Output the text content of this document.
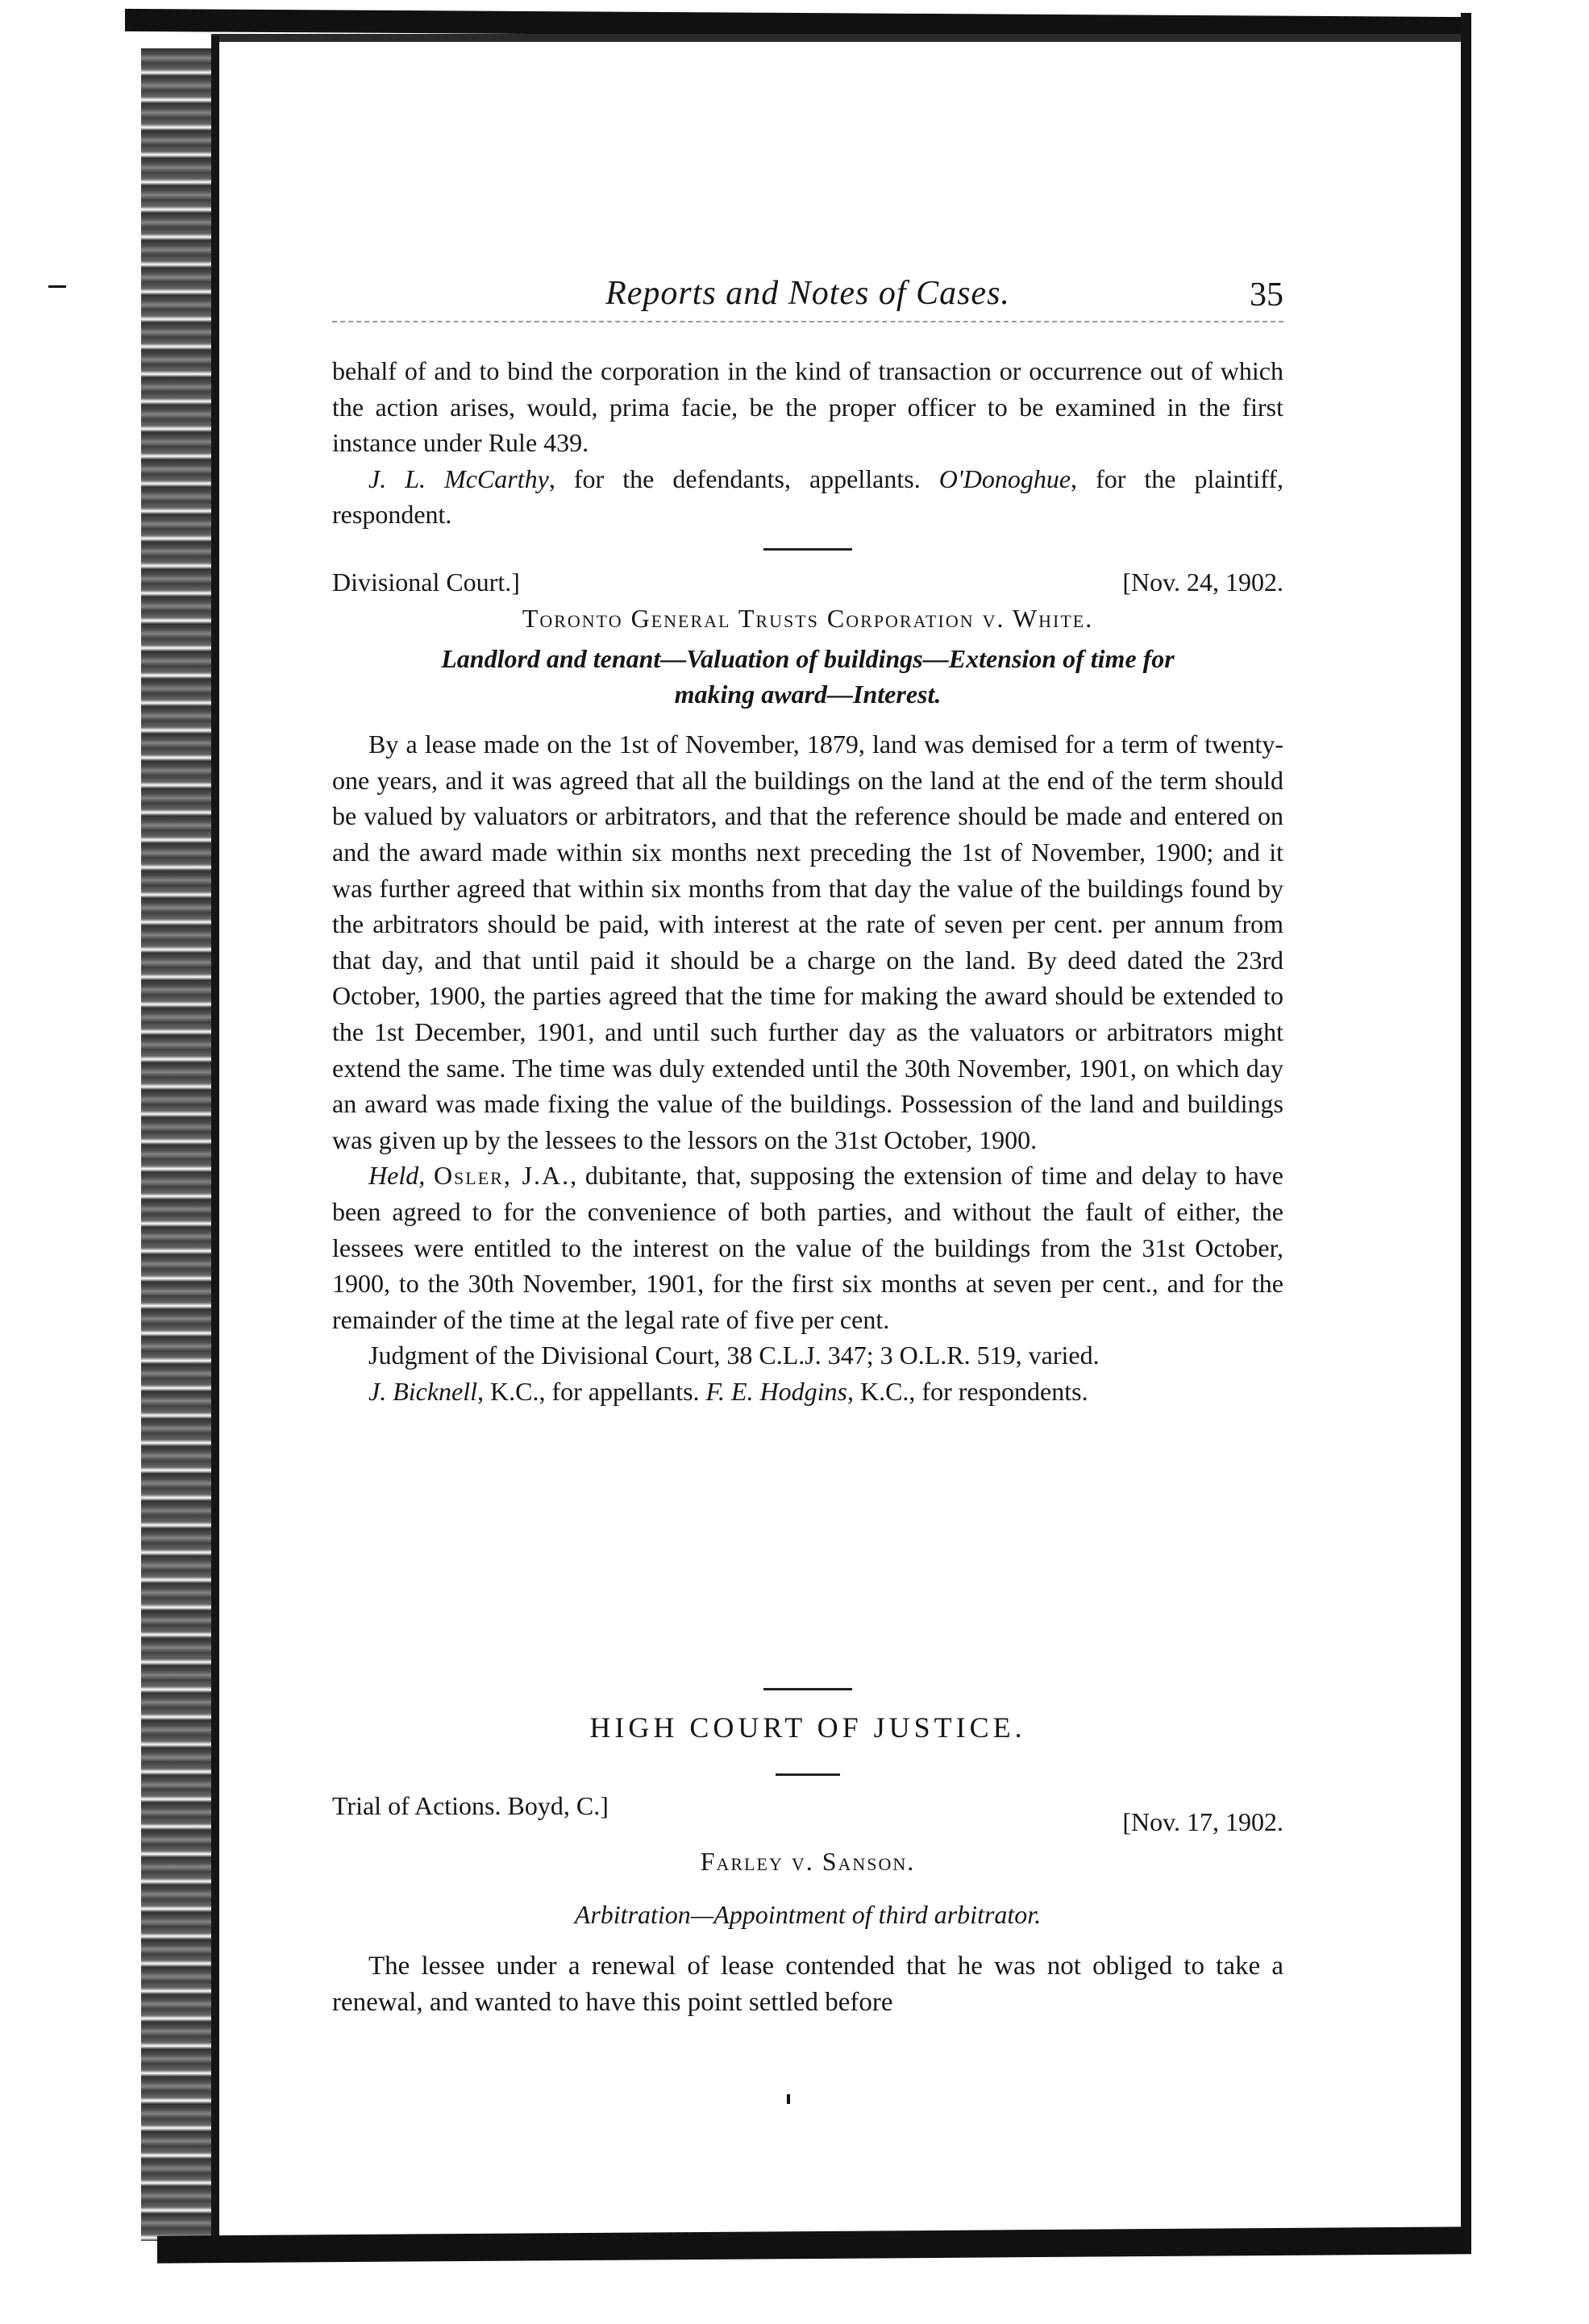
Reports and Notes of Cases.	35

behalf of and to bind the corporation in the kind of transaction or occurrence out of which the action arises, would, prima facie, be the proper officer to be examined in the first instance under Rule 439.

J. L. McCarthy, for the defendants, appellants. O'Donoghue, for the plaintiff, respondent.

Divisional Court.]	[Nov. 24, 1902.
Toronto General Trusts Corporation v. White.
Landlord and tenant—Valuation of buildings—Extension of time for
making award—Interest.

By a lease made on the 1st of November, 1879, land was demised for a term of twenty-one years, and it was agreed that all the buildings on the land at the end of the term should be valued by valuators or arbitrators, and that the reference should be made and entered on and the award made within six months next preceding the 1st of November, 1900; and it was further agreed that within six months from that day the value of the buildings found by the arbitrators should be paid, with interest at the rate of seven per cent. per annum from that day, and that until paid it should be a charge on the land. By deed dated the 23rd October, 1900, the parties agreed that the time for making the award should be extended to the 1st December, 1901, and until such further day as the valuators or arbitrators might extend the same. The time was duly extended until the 30th November, 1901, on which day an award was made fixing the value of the buildings. Possession of the land and buildings was given up by the lessees to the lessors on the 31st October, 1900.

Held, Osler, J.A., dubitante, that, supposing the extension of time and delay to have been agreed to for the convenience of both parties, and without the fault of either, the lessees were entitled to the interest on the value of the buildings from the 31st October, 1900, to the 30th November, 1901, for the first six months at seven per cent., and for the remainder of the time at the legal rate of five per cent.

Judgment of the Divisional Court, 38 C.L.J. 347; 3 O.L.R. 519, varied.

J. Bicknell, K.C., for appellants. F. E. Hodgins, K.C., for respondents.

HIGH COURT OF JUSTICE.
Trial of Actions. Boyd, C.]
[Nov. 17, 1902.
Farley v. Sanson.
Arbitration—Appointment of third arbitrator.

The lessee under a renewal of lease contended that he was not obliged to take a renewal, and wanted to have this point settled before
